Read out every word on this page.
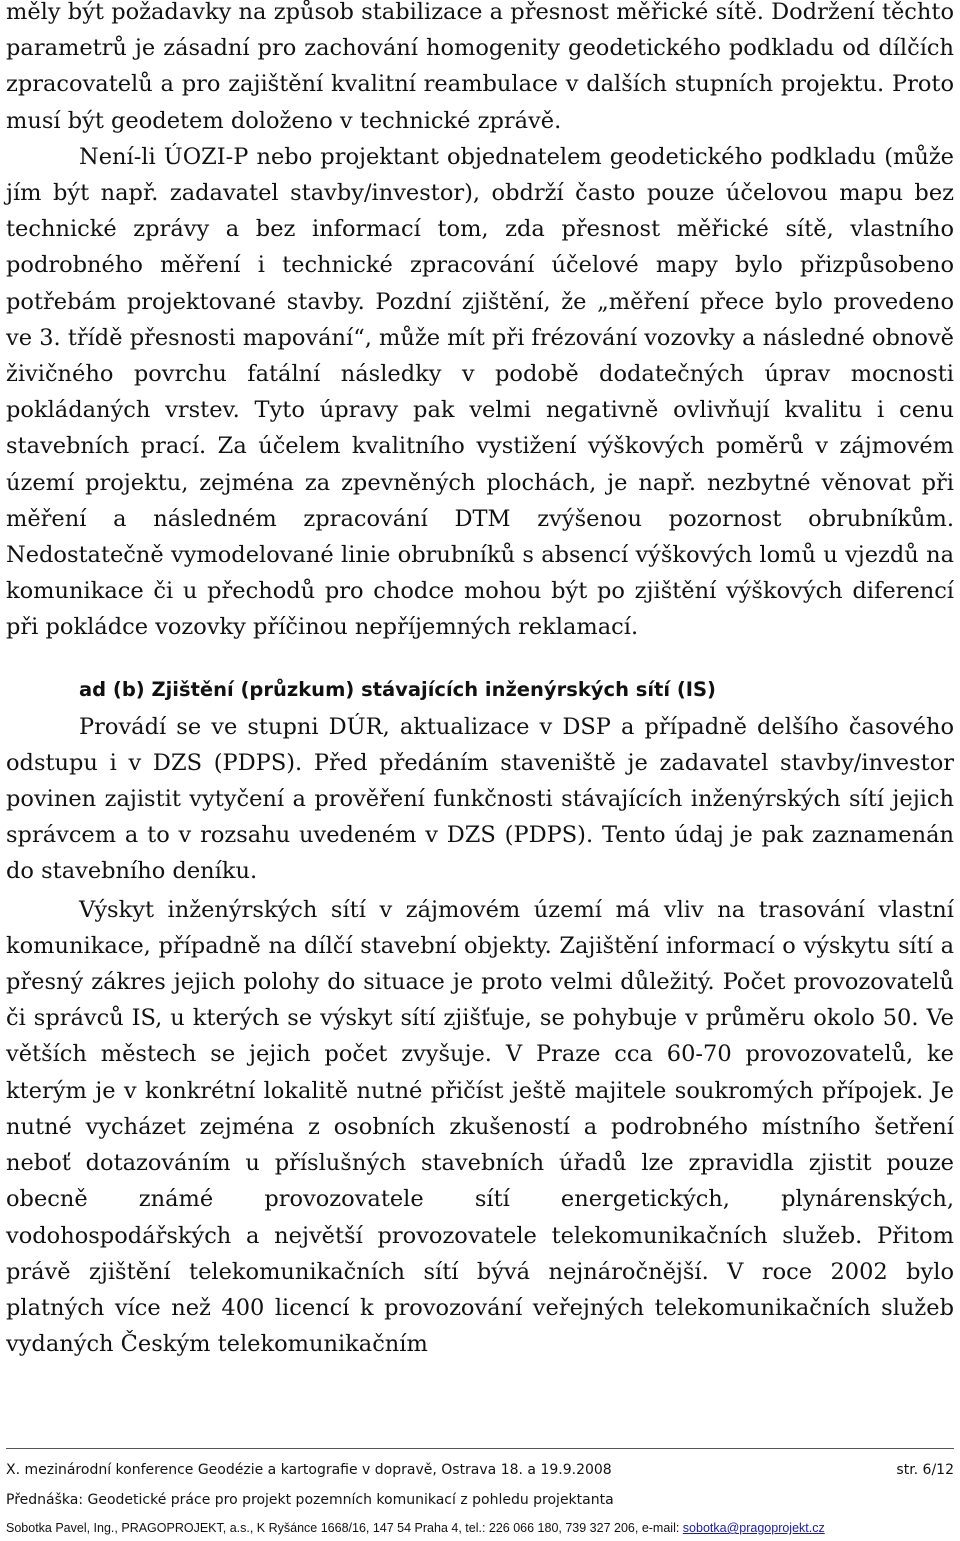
měly být požadavky na způsob stabilizace a přesnost měřické sítě. Dodržení těchto parametrů je zásadní pro zachování homogenity geodetického podkladu od dílčích zpracovatelů a pro zajištění kvalitní reambulace v dalších stupních projektu. Proto musí být geodetem doloženo v technické zprávě.

Není-li ÚOZI-P nebo projektant objednatelem geodetického podkladu (může jím být např. zadavatel stavby/investor), obdrží často pouze účelovou mapu bez technické zprávy a bez informací tom, zda přesnost měřické sítě, vlastního podrobného měření i technické zpracování účelové mapy bylo přizpůsobeno potřebám projektované stavby. Pozdní zjištění, že „měření přece bylo provedeno ve 3. třídě přesnosti mapování“, může mít při frézování vozovky a následné obnově živičného povrchu fatální následky v podobě dodatečných úprav mocnosti pokládaných vrstev. Tyto úpravy pak velmi negativně ovlivňují kvalitu i cenu stavebních prací. Za účelem kvalitního vystižení výškových poměrů v zájmovém území projektu, zejména za zpevněných plochách, je např. nezbytné věnovat při měření a následném zpracování DTM zvýšenou pozornost obrubníkům. Nedostatečně vymodelované linie obrubníků s absencí výškových lomů u vjezdů na komunikace či u přechodů pro chodce mohou být po zjištění výškových diferencí při pokládce vozovky příčinou nepříjemných reklamací.

ad (b) Zjištění (průzkum) stávajících inženýrských sítí (IS)

Provádí se ve stupni DÚR, aktualizace v DSP a případně delšího časového odstupu i v DZS (PDPS). Před předáním staveniště je zadavatel stavby/investor povinen zajistit vytyčení a prověření funkčnosti stávajících inženýrských sítí jejich správcem a to v rozsahu uvedeném v DZS (PDPS). Tento údaj je pak zaznamenán do stavebního deníku.

Výskyt inženýrských sítí v zájmovém území má vliv na trasování vlastní komunikace, případně na dílčí stavební objekty. Zajištění informací o výskytu sítí a přesný zákres jejich polohy do situace je proto velmi důležitý. Počet provozovatelů či správců IS, u kterých se výskyt sítí zjišťuje, se pohybuje v průměru okolo 50. Ve větších městech se jejich počet zvyšuje. V Praze cca 60-70 provozovatelů, ke kterým je v konkrétní lokalitě nutné přičíst ještě majitele soukromých přípojek. Je nutné vycházet zejména z osobních zkušeností a podrobného místního šetření neboť dotazováním u příslušných stavebních úřadů lze zpravidla zjistit pouze obecně známé provozovatele sítí energetických, plynárenských, vodohospodářských a největší provozovatele telekomunikačních služeb. Přitom právě zjištění telekomunikačních sítí bývá nejnáročnější. V roce 2002 bylo platných více než 400 licencí k provozování veřejných telekomunikačních služeb vydaných Českým telekomunikačním

X. mezinárodní konference Geodézie a kartografie v dopravě, Ostrava 18. a 19.9.2008	str. 6/12
Přednáška: Geodetické práce pro projekt pozemních komunikací z pohledu projektanta
Sobotka Pavel, Ing., PRAGOPROJEKT, a.s., K Ryšánce 1668/16, 147 54 Praha 4, tel.: 226 066 180, 739 327 206, e-mail: sobotka@pragoprojekt.cz
